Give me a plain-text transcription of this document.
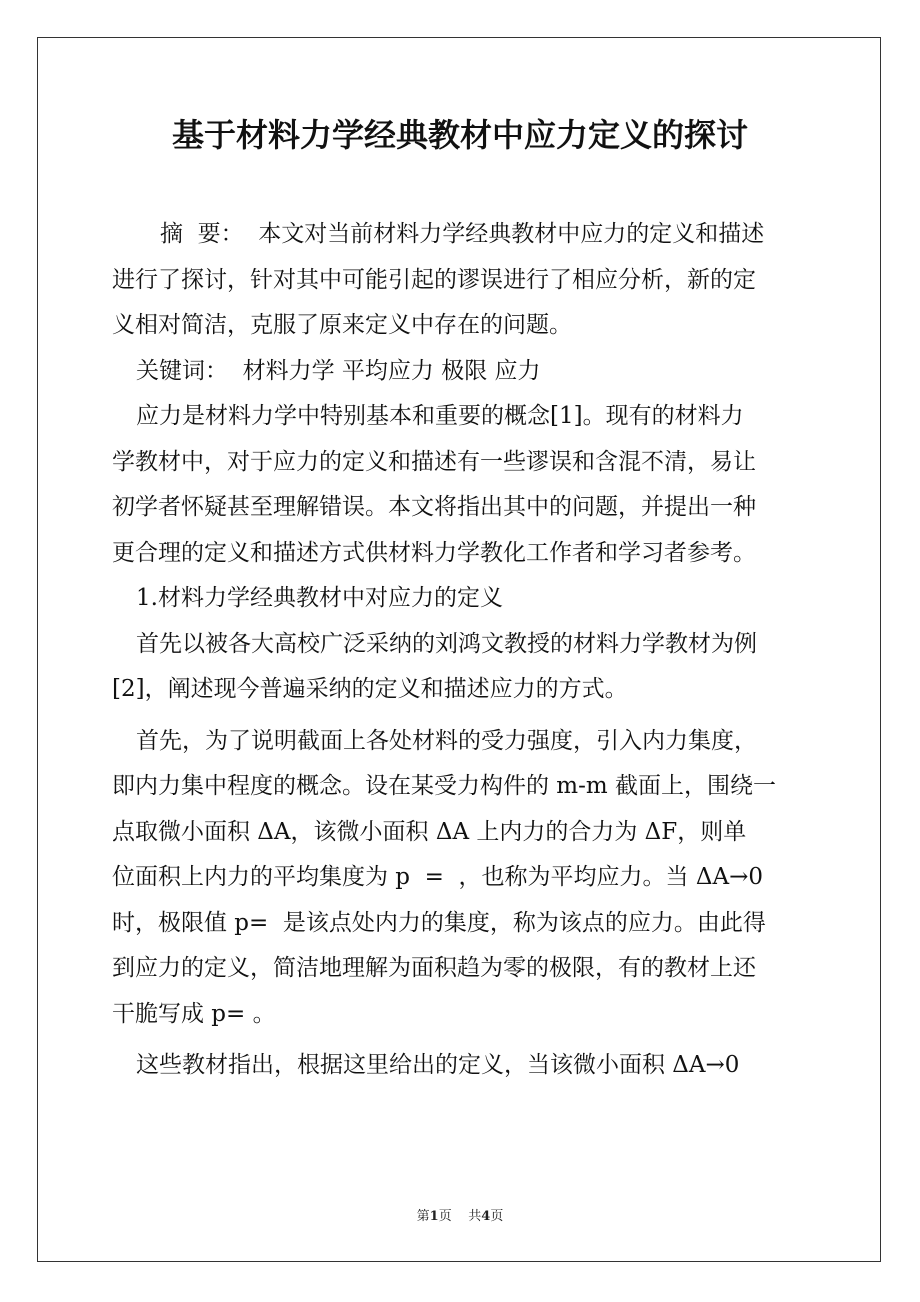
基于材料力学经典教材中应力定义的探讨
摘  要： 本文对当前材料力学经典教材中应力的定义和描述
进行了探讨，针对其中可能引起的谬误进行了相应分析，新的定
义相对简洁，克服了原来定义中存在的问题。
关键词： 材料力学 平均应力 极限 应力
应力是材料力学中特别基本和重要的概念[1]。现有的材料力
学教材中，对于应力的定义和描述有一些谬误和含混不清，易让
初学者怀疑甚至理解错误。本文将指出其中的问题，并提出一种
更合理的定义和描述方式供材料力学教化工作者和学习者参考。
1.材料力学经典教材中对应力的定义
首先以被各大高校广泛采纳的刘鸿文教授的材料力学教材为例
[2]，阐述现今普遍采纳的定义和描述应力的方式。
首先，为了说明截面上各处材料的受力强度，引入内力集度，
即内力集中程度的概念。设在某受力构件的 m-m 截面上，围绕一
点取微小面积 ΔA，该微小面积 ΔA 上内力的合力为 ΔF，则单
位面积上内力的平均集度为 p  =  ，也称为平均应力。当 ΔA→0
时，极限值 p=  是该点处内力的集度，称为该点的应力。由此得
到应力的定义，简洁地理解为面积趋为零的极限，有的教材上还
干脆写成 p= 。
这些教材指出，根据这里给出的定义，当该微小面积 ΔA→0
第1页 共4页
